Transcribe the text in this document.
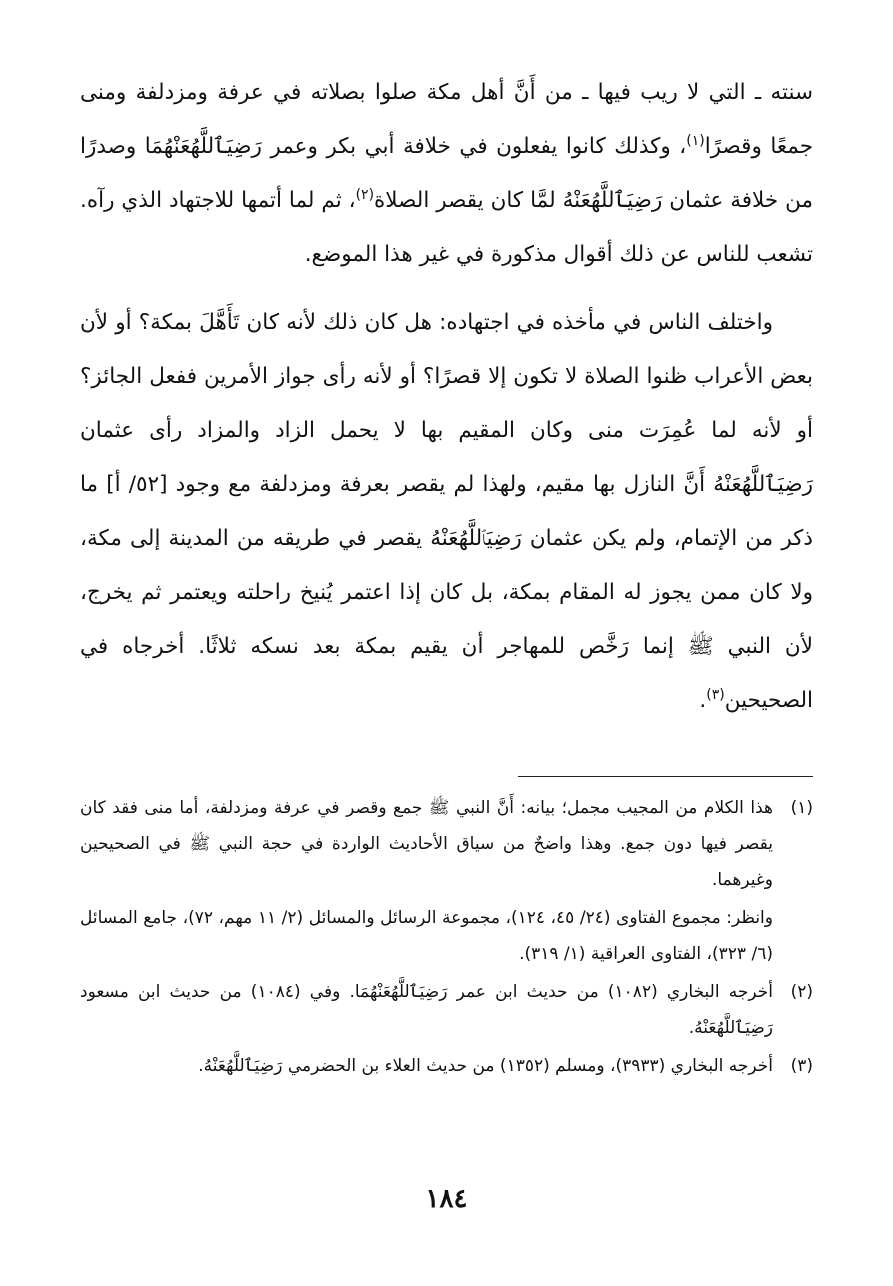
سنته ـ التي لا ريب فيها ـ من أَنَّ أهل مكة صلوا بصلاته في عرفة ومزدلفة ومنى جمعًا وقصرًا$^{(١)}$، وكذلك كانوا يفعلون في خلافة أبي بكر وعمر رَضِيَٱللَّهُعَنْهُمَا وصدرًا من خلافة عثمان رَضِيَٱللَّهُعَنْهُ لمَّا كان يقصر الصلاة$^{(٢)}$، ثم لما أتمها للاجتهاد الذي رآه. تشعب للناس عن ذلك أقوال مذكورة في غير هذا الموضع.

واختلف الناس في مأخذه في اجتهاده: هل كان ذلك لأنه كان تَأَهَّلَ بمكة؟ أو لأن بعض الأعراب ظنوا الصلاة لا تكون إلا قصرًا؟ أو لأنه رأى جواز الأمرين ففعل الجائز؟ أو لأنه لما عُمِرَت منى وكان المقيم بها لا يحمل الزاد والمزاد رأى عثمان رَضِيَٱللَّهُعَنْهُ أَنَّ النازل بها مقيم، ولهذا لم يقصر بعرفة ومزدلفة مع وجود [٥٢/ أ] ما ذكر من الإتمام، ولم يكن عثمان رَضِيَٱللَّهُعَنْهُ يقصر في طريقه من المدينة إلى مكة، ولا كان ممن يجوز له المقام بمكة، بل كان إذا اعتمر يُنيخ راحلته ويعتمر ثم يخرج، لأن النبي ﷺ إنما رَخَّص للمهاجر أن يقيم بمكة بعد نسكه ثلاثًا. أخرجاه في الصحيحين$^{(٣)}$.

(١)
هذا الكلام من المجيب مجمل؛ بيانه: أَنَّ النبي ﷺ جمع وقصر في عرفة ومزدلفة، أما منى فقد كان يقصر فيها دون جمع. وهذا واضحٌ من سياق الأحاديث الواردة في حجة النبي ﷺ في الصحيحين وغيرهما.
وانظر: مجموع الفتاوى (٢٤/ ٤٥، ١٢٤)، مجموعة الرسائل والمسائل (٢/ ١١ مهم، ٧٢)، جامع المسائل (٦/ ٣٢٣)، الفتاوى العراقية (١/ ٣١٩).
(٢)
أخرجه البخاري (١٠٨٢) من حديث ابن عمر رَضِيَٱللَّهُعَنْهُمَا. وفي (١٠٨٤) من حديث ابن مسعود رَضِيَٱللَّهُعَنْهُ.
(٣)
أخرجه البخاري (٣٩٣٣)، ومسلم (١٣٥٢) من حديث العلاء بن الحضرمي رَضِيَٱللَّهُعَنْهُ.
١٨٤
